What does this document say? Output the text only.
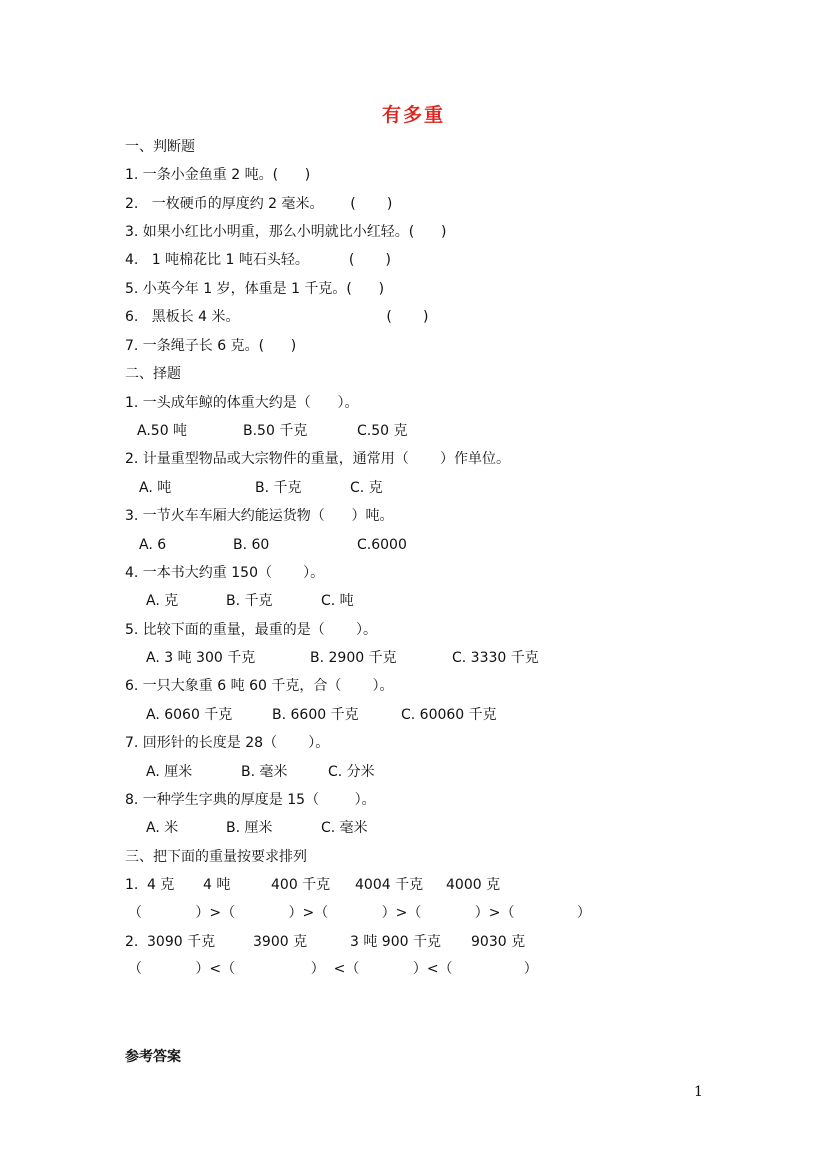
有多重
一、判断题
1. 一条小金鱼重 2 吨。(      )
2.   一枚硬币的厚度约 2 毫米。      (       )
3. 如果小红比小明重，那么小明就比小红轻。(      )
4.   1 吨棉花比 1 吨石头轻。         (       )
5. 小英今年 1 岁，体重是 1 千克。(      )
6.   黑板长 4 米。                                 (       )
7. 一条绳子长 6 克。(      )
二、择题
1. 一头成年鲸的体重大约是（      ）。
A.50 吨	B.50 千克	C.50 克
2. 计量重型物品或大宗物件的重量，通常用（       ）作单位。
A. 吨	B. 千克	C. 克
3. 一节火车车厢大约能运货物（      ）吨。
A. 6	B. 60	C.6000
4. 一本书大约重 150（       ）。
A. 克	B. 千克	C. 吨
5. 比较下面的重量，最重的是（       ）。
A. 3 吨 300 千克	B. 2900 千克	C. 3330 千克
6. 一只大象重 6 吨 60 千克，合（       ）。
A. 6060 千克	B. 6600 千克	C. 60060 千克
7. 回形针的长度是 28（       ）。
A. 厘米	B. 毫米	C. 分米
8. 一种学生字典的厚度是 15（        ）。
A. 米	B. 厘米	C. 毫米
三、把下面的重量按要求排列
1. 4 克 4 吨	400 千克 4004 千克 4000 克
（            ）>（            ）>（            ）>（            ）>（              ）
2. 3090 千克	3900 克	3 吨 900 千克 9030 克
（            ）<（                 ）  <（            ）<（                ）
参考答案
1
